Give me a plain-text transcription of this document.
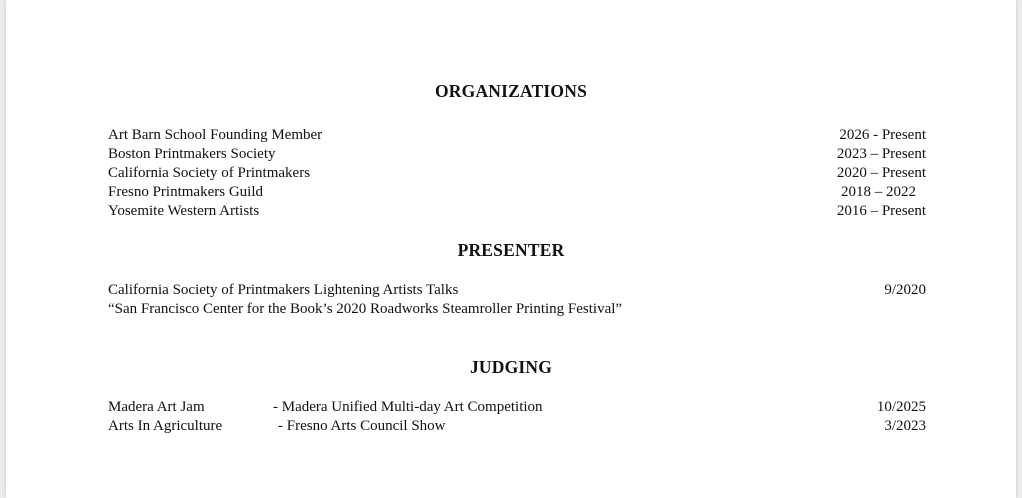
ORGANIZATIONS
Art Barn School Founding Member	2026 - Present
Boston Printmakers Society	2023 – Present
California Society of Printmakers	2020 – Present
Fresno Printmakers Guild	2018 – 2022
Yosemite Western Artists	2016 – Present
PRESENTER
California Society of Printmakers Lightening Artists Talks	9/2020
“San Francisco Center for the Book’s 2020 Roadworks Steamroller Printing Festival”
JUDGING
Madera Art Jam	- Madera Unified Multi-day Art Competition	10/2025
Arts In Agriculture	- Fresno Arts Council Show	3/2023
